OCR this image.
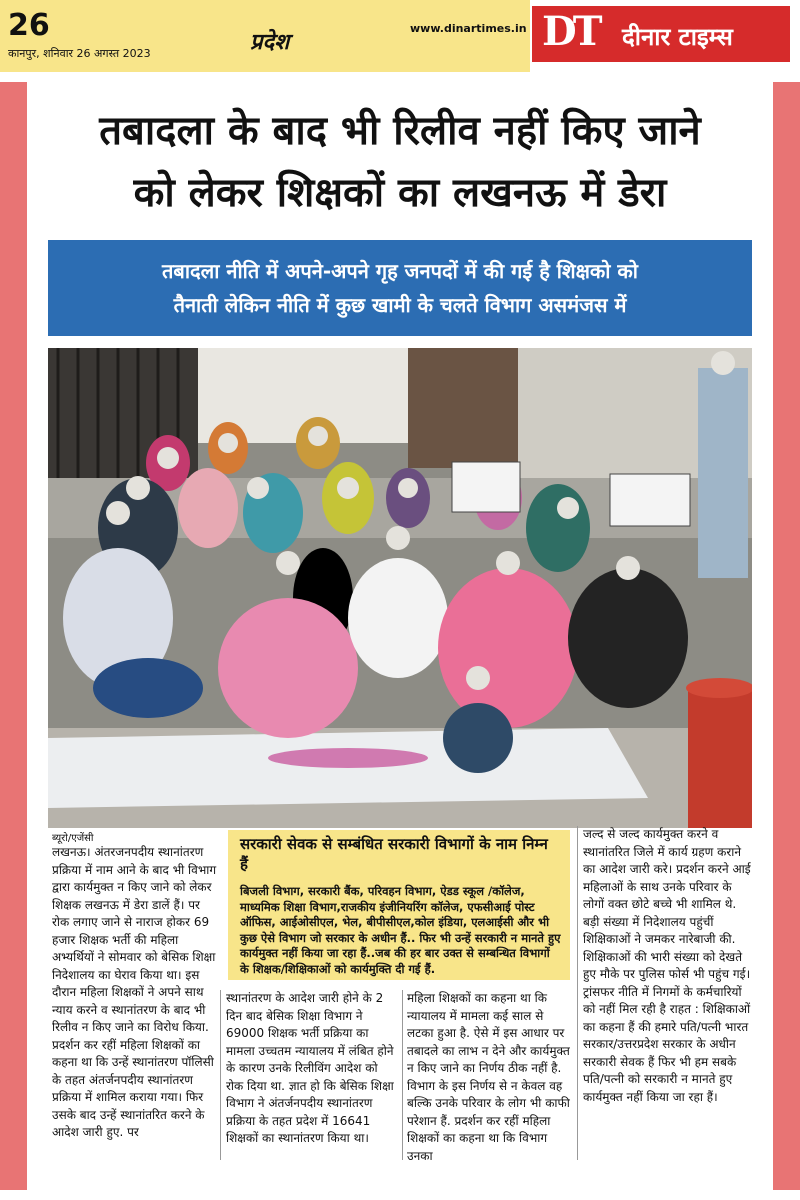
26
कानपुर, शनिवार 26 अगस्त 2023	प्रदेश
www.dinartimes.in DT दीनार टाइम्स
तबादला के बाद भी रिलीव नहीं किए जाने
को लेकर शिक्षकों का लखनऊ में डेरा
तबादला नीति में अपने-अपने गृह जनपदों में की गई है शिक्षको को
तैनाती लेकिन नीति में कुछ खामी के चलते विभाग असमंजस में
ब्यूरो/एजेंसी
लखनऊ। अंतरजनपदीय स्थानांतरण प्रक्रिया में नाम आने के बाद भी विभाग द्वारा कार्यमुक्त न किए जाने को लेकर शिक्षक लखनऊ में डेरा डालें हैं। पर रोक लगाए जाने से नाराज होकर 69 हजार शिक्षक भर्ती की महिला अभ्यर्थियों ने सोमवार को बेसिक शिक्षा निदेशालय का घेराव किया था। इस दौरान महिला शिक्षकों ने अपने साथ न्याय करने व स्थानांतरण के बाद भी रिलीव न किए जाने का विरोध किया. प्रदर्शन कर रहीं महिला शिक्षकों का कहना था कि उन्हें स्थानांतरण पॉलिसी के तहत अंतर्जनपदीय स्थानांतरण प्रक्रिया में शामिल कराया गया। फिर उसके बाद उन्हें स्थानांतरित करने के आदेश जारी हुए. पर
सरकारी सेवक से सम्बंधित सरकारी विभागों के नाम निम्न हैं
बिजली विभाग, सरकारी बैंक, परिवहन विभाग, ऐडड स्कूल /कॉलेज, माध्यमिक शिक्षा विभाग,राजकीय इंजीनियरिंग कॉलेज, एफसीआई पोस्ट ऑफिस, आईओसीएल, भेल, बीपीसीएल,कोल इंडिया, एलआईसी और भी कुछ ऐसे विभाग जो सरकार के अधीन हैं.. फिर भी उन्हें सरकारी न मानते हुए कार्यमुक्त नहीं किया जा रहा हैं..जब की हर बार उक्त से सम्बन्धित विभागों के शिक्षक/शिक्षिकाओं को कार्यमुक्ति दी गई हैं.
स्थानांतरण के आदेश जारी होने के 2 दिन बाद बेसिक शिक्षा विभाग ने 69000 शिक्षक भर्ती प्रक्रिया का मामला उच्चतम न्यायालय में लंबित होने के कारण उनके रिलीविंग आदेश को रोक दिया था. ज्ञात हो कि बेसिक शिक्षा विभाग ने अंतर्जनपदीय स्थानांतरण प्रक्रिया के तहत प्रदेश में 16641 शिक्षकों का स्थानांतरण किया था।
महिला शिक्षकों का कहना था कि न्यायालय में मामला कई साल से लटका हुआ है. ऐसे में इस आधार पर तबादले का लाभ न देने और कार्यमुक्त न किए जाने का निर्णय ठीक नहीं है. विभाग के इस निर्णय से न केवल वह बल्कि उनके परिवार के लोग भी काफी परेशान हैं. प्रदर्शन कर रहीं महिला शिक्षकों का कहना था कि विभाग उनका
जल्द से जल्द कार्यमुक्त करने व स्थानांतरित जिले में कार्य ग्रहण कराने का आदेश जारी करे। प्रदर्शन करने आई महिलाओं के साथ उनके परिवार के लोगों वक्त छोटे बच्चे भी शामिल थे. बड़ी संख्या में निदेशालय पहुंचीं शिक्षिकाओं ने जमकर नारेबाजी की. शिक्षिकाओं की भारी संख्या को देखते हुए मौके पर पुलिस फोर्स भी पहुंच गई। ट्रांसफर नीति में निगमों के कर्मचारियों को नहीं मिल रही है राहत : शिक्षिकाओं का कहना हैं की हमारे पति/पत्नी भारत सरकार/उत्तरप्रदेश सरकार के अधीन सरकारी सेवक हैं फिर भी हम सबके पति/पत्नी को सरकारी न मानते हुए कार्यमुक्त नहीं किया जा रहा हैं।
